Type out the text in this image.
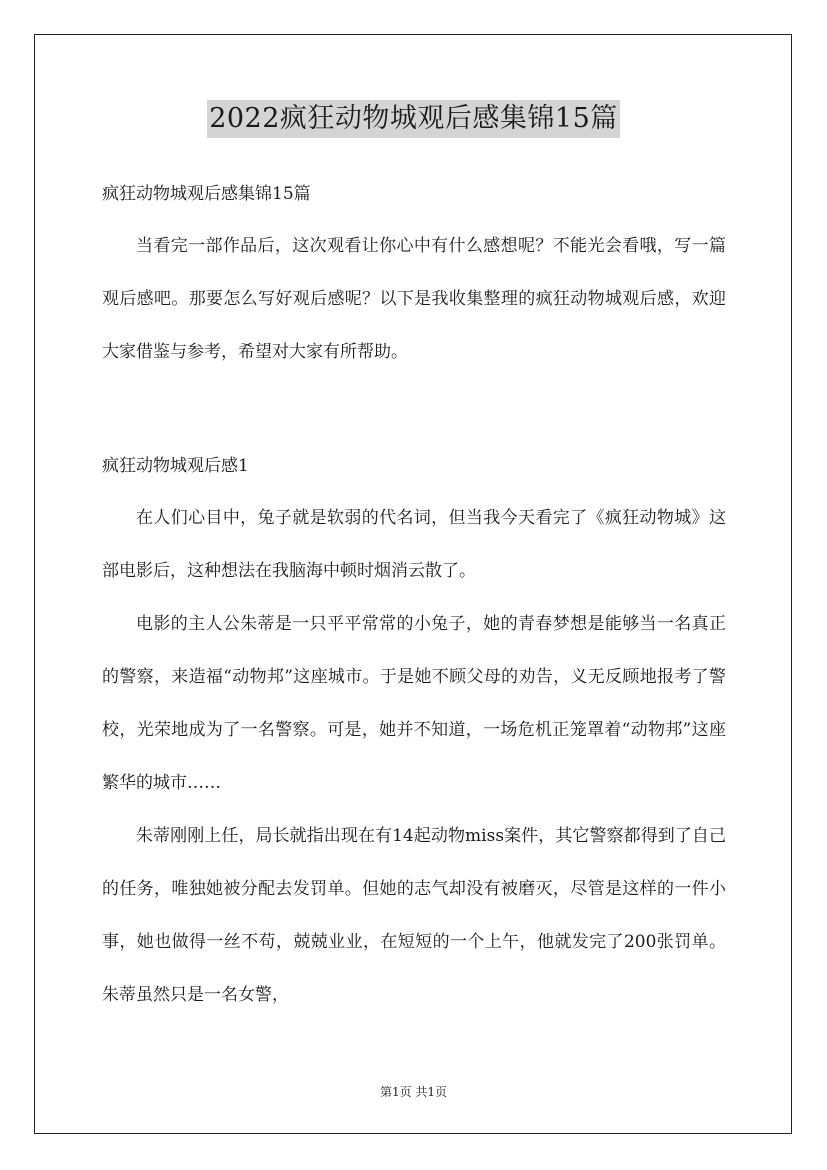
2022疯狂动物城观后感集锦15篇
疯狂动物城观后感集锦15篇

当看完一部作品后，这次观看让你心中有什么感想呢？不能光会看哦，写一篇观后感吧。那要怎么写好观后感呢？以下是我收集整理的疯狂动物城观后感，欢迎大家借鉴与参考，希望对大家有所帮助。

疯狂动物城观后感1

在人们心目中，兔子就是软弱的代名词，但当我今天看完了《疯狂动物城》这部电影后，这种想法在我脑海中顿时烟消云散了。

电影的主人公朱蒂是一只平平常常的小兔子，她的青春梦想是能够当一名真正的警察，来造福“动物邦”这座城市。于是她不顾父母的劝告，义无反顾地报考了警校，光荣地成为了一名警察。可是，她并不知道，一场危机正笼罩着“动物邦”这座繁华的城市……

朱蒂刚刚上任，局长就指出现在有14起动物miss案件，其它警察都得到了自己的任务，唯独她被分配去发罚单。但她的志气却没有被磨灭，尽管是这样的一件小事，她也做得一丝不苟，兢兢业业，在短短的一个上午，他就发完了200张罚单。朱蒂虽然只是一名女警，

第1页 共1页
